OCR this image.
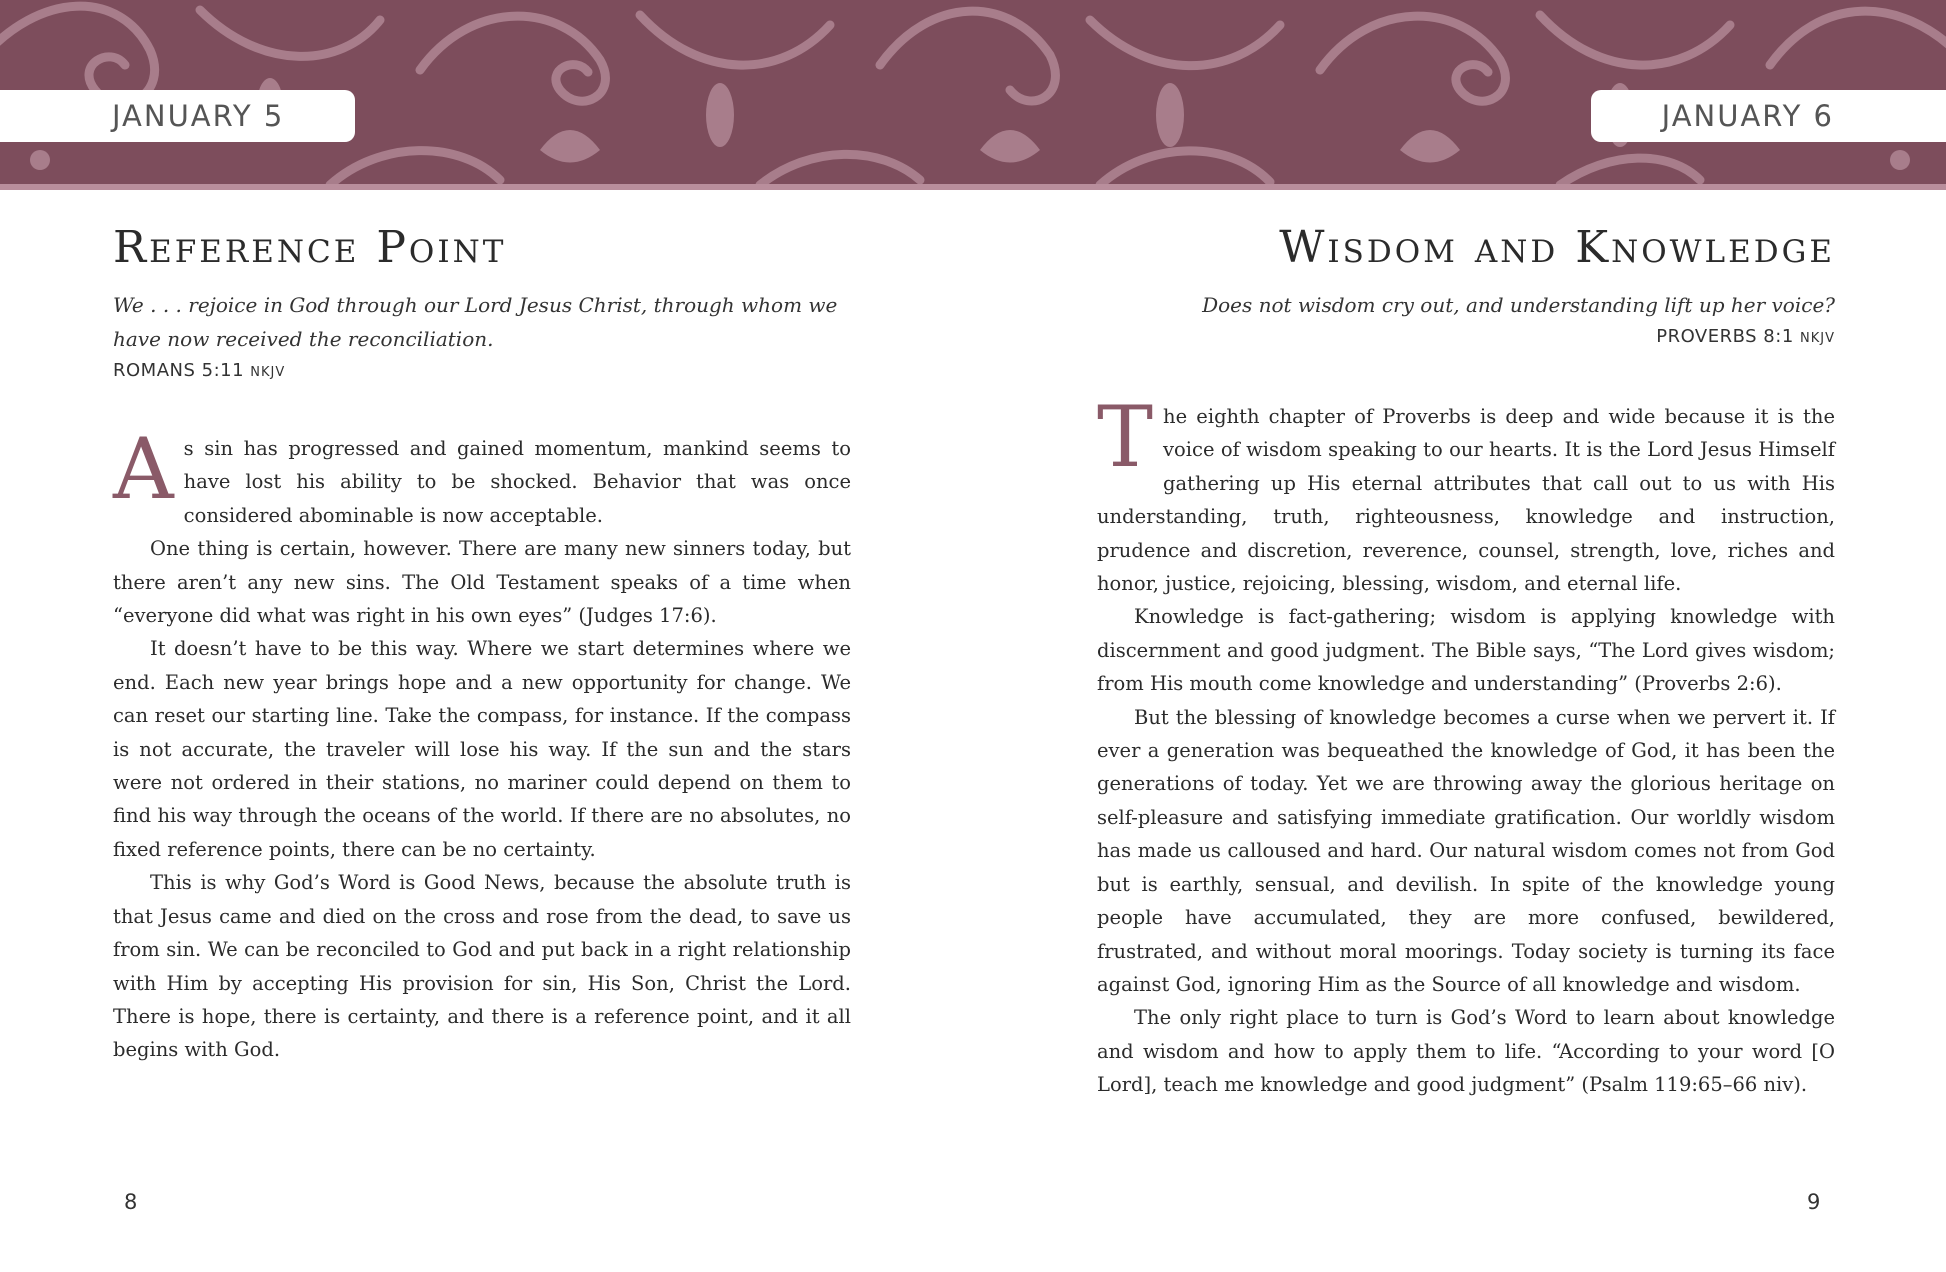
JANUARY 5	JANUARY 6
Reference Point
We . . . rejoice in God through our Lord Jesus Christ, through whom we have now received the reconciliation.
ROMANS 5:11 NKJV

As sin has progressed and gained momentum, mankind seems to have lost his ability to be shocked. Behavior that was once considered abominable is now acceptable.

One thing is certain, however. There are many new sinners today, but there aren’t any new sins. The Old Testament speaks of a time when “everyone did what was right in his own eyes” (Judges 17:6).

It doesn’t have to be this way. Where we start determines where we end. Each new year brings hope and a new opportunity for change. We can reset our starting line. Take the compass, for instance. If the compass is not accurate, the traveler will lose his way. If the sun and the stars were not ordered in their stations, no mariner could depend on them to find his way through the oceans of the world. If there are no absolutes, no fixed reference points, there can be no certainty.

This is why God’s Word is Good News, because the absolute truth is that Jesus came and died on the cross and rose from the dead, to save us from sin. We can be reconciled to God and put back in a right relationship with Him by accepting His provision for sin, His Son, Christ the Lord. There is hope, there is certainty, and there is a reference point, and it all begins with God.

Wisdom and Knowledge
Does not wisdom cry out, and understanding lift up her voice?
PROVERBS 8:1 NKJV

The eighth chapter of Proverbs is deep and wide because it is the voice of wisdom speaking to our hearts. It is the Lord Jesus Himself gathering up His eternal attributes that call out to us with His understanding, truth, righteousness, knowledge and instruction, prudence and discretion, reverence, counsel, strength, love, riches and honor, justice, rejoicing, blessing, wisdom, and eternal life.

Knowledge is fact-gathering; wisdom is applying knowledge with discernment and good judgment. The Bible says, “The Lord gives wisdom; from His mouth come knowledge and understanding” (Proverbs 2:6).

But the blessing of knowledge becomes a curse when we pervert it. If ever a generation was bequeathed the knowledge of God, it has been the generations of today. Yet we are throwing away the glorious heritage on self-pleasure and satisfying immediate gratification. Our worldly wisdom has made us calloused and hard. Our natural wisdom comes not from God but is earthly, sensual, and devilish. In spite of the knowledge young people have accumulated, they are more confused, bewildered, frustrated, and without moral moorings. Today society is turning its face against God, ignoring Him as the Source of all knowledge and wisdom.

The only right place to turn is God’s Word to learn about knowledge and wisdom and how to apply them to life. “According to your word [O Lord], teach me knowledge and good judgment” (Psalm 119:65–66 niv).

8	9
